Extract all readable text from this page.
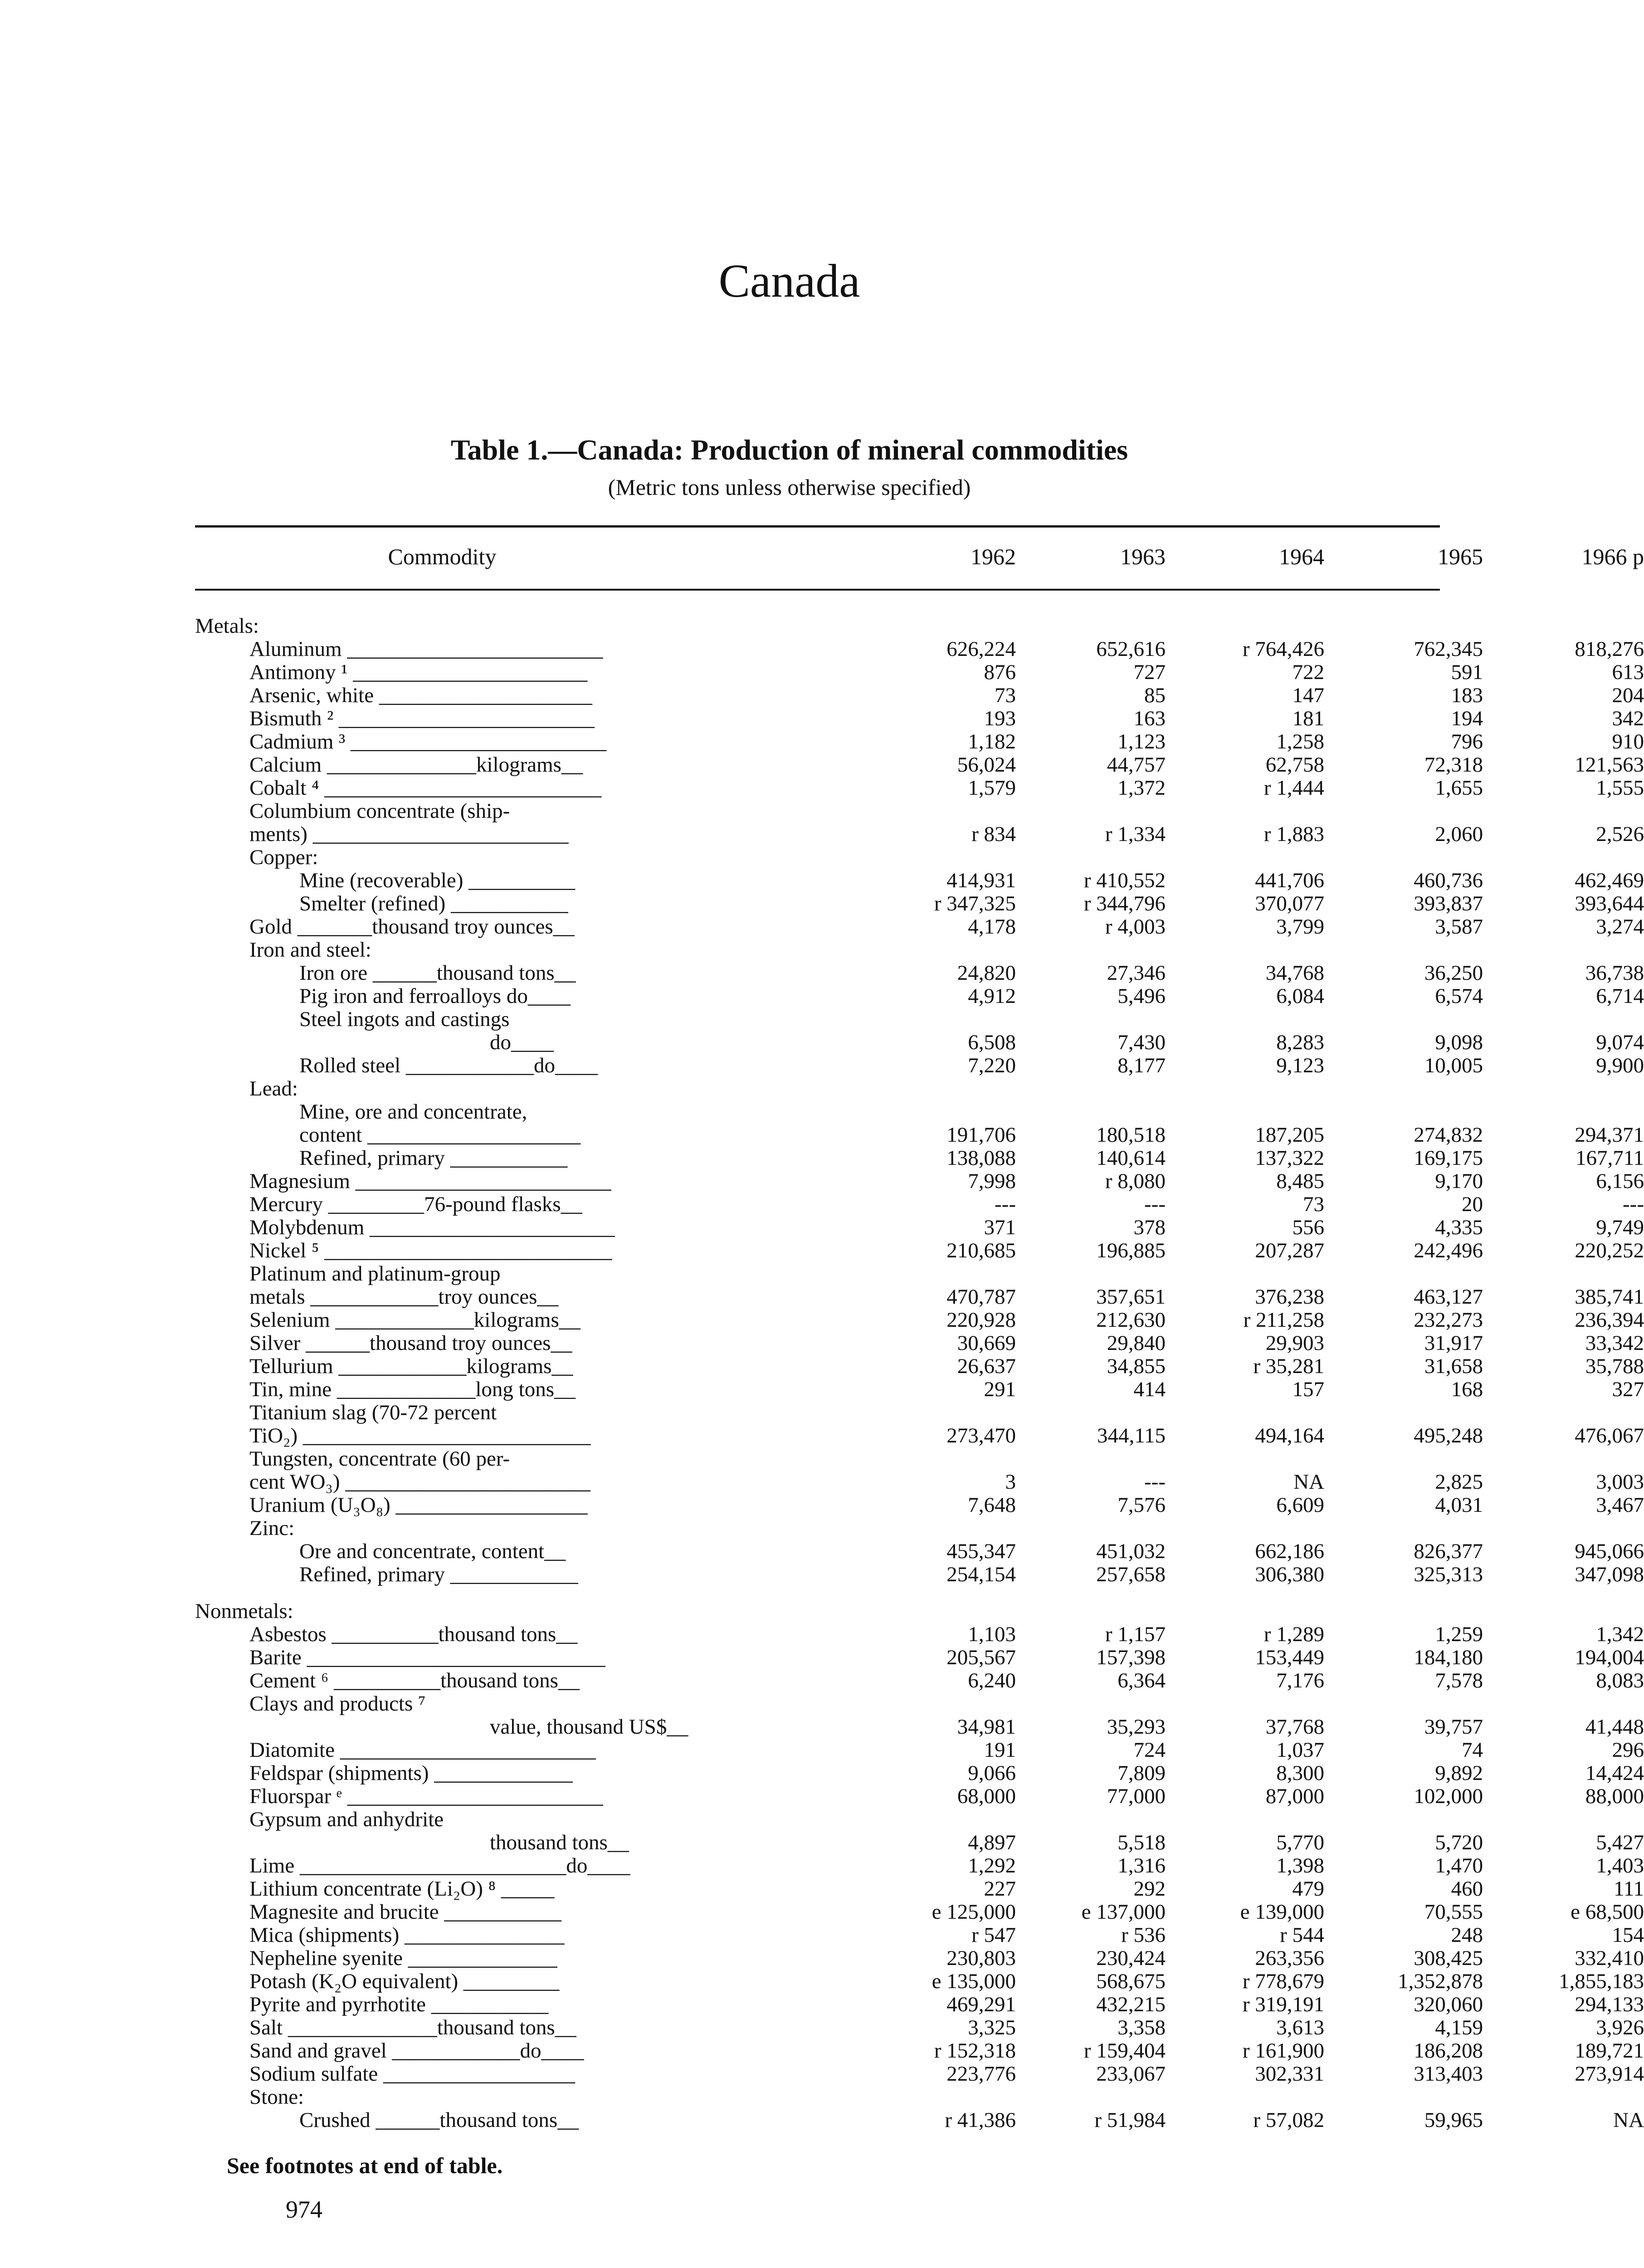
Canada
Table 1.—Canada: Production of mineral commodities
(Metric tons unless otherwise specified)
Commodity	1962	1963	1964	1965	1966 p
Metals:
Aluminum ________________________	626,224	652,616	r 764,426	762,345	818,276
Antimony ¹ ______________________	876	727	722	591	613
Arsenic, white ____________________	73	85	147	183	204
Bismuth ² ________________________	193	163	181	194	342
Cadmium ³ ________________________	1,182	1,123	1,258	796	910
Calcium ______________kilograms__	56,024	44,757	62,758	72,318	121,563
Cobalt ⁴ __________________________	1,579	1,372	r 1,444	1,655	1,555
Columbium concentrate (ship-
ments) ________________________	r 834	r 1,334	r 1,883	2,060	2,526
Copper:
Mine (recoverable) __________	414,931	r 410,552	441,706	460,736	462,469
Smelter (refined) ___________	r 347,325	r 344,796	370,077	393,837	393,644
Gold _______thousand troy ounces__	4,178	r 4,003	3,799	3,587	3,274
Iron and steel:
Iron ore ______thousand tons__	24,820	27,346	34,768	36,250	36,738
Pig iron and ferroalloys do____	4,912	5,496	6,084	6,574	6,714
Steel ingots and castings
do____	6,508	7,430	8,283	9,098	9,074
Rolled steel ____________do____	7,220	8,177	9,123	10,005	9,900
Lead:
Mine, ore and concentrate,
content ____________________	191,706	180,518	187,205	274,832	294,371
Refined, primary ___________	138,088	140,614	137,322	169,175	167,711
Magnesium ________________________	7,998	r 8,080	8,485	9,170	6,156
Mercury _________76-pound flasks__	---	---	73	20	---
Molybdenum _______________________	371	378	556	4,335	9,749
Nickel ⁵ ___________________________	210,685	196,885	207,287	242,496	220,252
Platinum and platinum-group
metals ____________troy ounces__	470,787	357,651	376,238	463,127	385,741
Selenium _____________kilograms__	220,928	212,630	r 211,258	232,273	236,394
Silver ______thousand troy ounces__	30,669	29,840	29,903	31,917	33,342
Tellurium ____________kilograms__	26,637	34,855	r 35,281	31,658	35,788
Tin, mine _____________long tons__	291	414	157	168	327
Titanium slag (70-72 percent
TiO₂) ___________________________	273,470	344,115	494,164	495,248	476,067
Tungsten, concentrate (60 per-
cent WO₃) _______________________	3	---	NA	2,825	3,003
Uranium (U₃O₈) __________________	7,648	7,576	6,609	4,031	3,467
Zinc:
Ore and concentrate, content__	455,347	451,032	662,186	826,377	945,066
Refined, primary ____________	254,154	257,658	306,380	325,313	347,098
Nonmetals:
Asbestos __________thousand tons__	1,103	r 1,157	r 1,289	1,259	1,342
Barite ____________________________	205,567	157,398	153,449	184,180	194,004
Cement ⁶ __________thousand tons__	6,240	6,364	7,176	7,578	8,083
Clays and products ⁷
value, thousand US$__	34,981	35,293	37,768	39,757	41,448
Diatomite ________________________	191	724	1,037	74	296
Feldspar (shipments) _____________	9,066	7,809	8,300	9,892	14,424
Fluorspar ᵉ ________________________	68,000	77,000	87,000	102,000	88,000
Gypsum and anhydrite
thousand tons__	4,897	5,518	5,770	5,720	5,427
Lime _________________________do____	1,292	1,316	1,398	1,470	1,403
Lithium concentrate (Li₂O) ⁸ _____	227	292	479	460	111
Magnesite and brucite ___________	e 125,000	e 137,000	e 139,000	70,555	e 68,500
Mica (shipments) _______________	r 547	r 536	r 544	248	154
Nepheline syenite ______________	230,803	230,424	263,356	308,425	332,410
Potash (K₂O equivalent) _________	e 135,000	568,675	r 778,679	1,352,878	1,855,183
Pyrite and pyrrhotite ___________	469,291	432,215	r 319,191	320,060	294,133
Salt ______________thousand tons__	3,325	3,358	3,613	4,159	3,926
Sand and gravel ____________do____	r 152,318	r 159,404	r 161,900	186,208	189,721
Sodium sulfate __________________	223,776	233,067	302,331	313,403	273,914
Stone:
Crushed ______thousand tons__	r 41,386	r 51,984	r 57,082	59,965	NA
See footnotes at end of table.
974
